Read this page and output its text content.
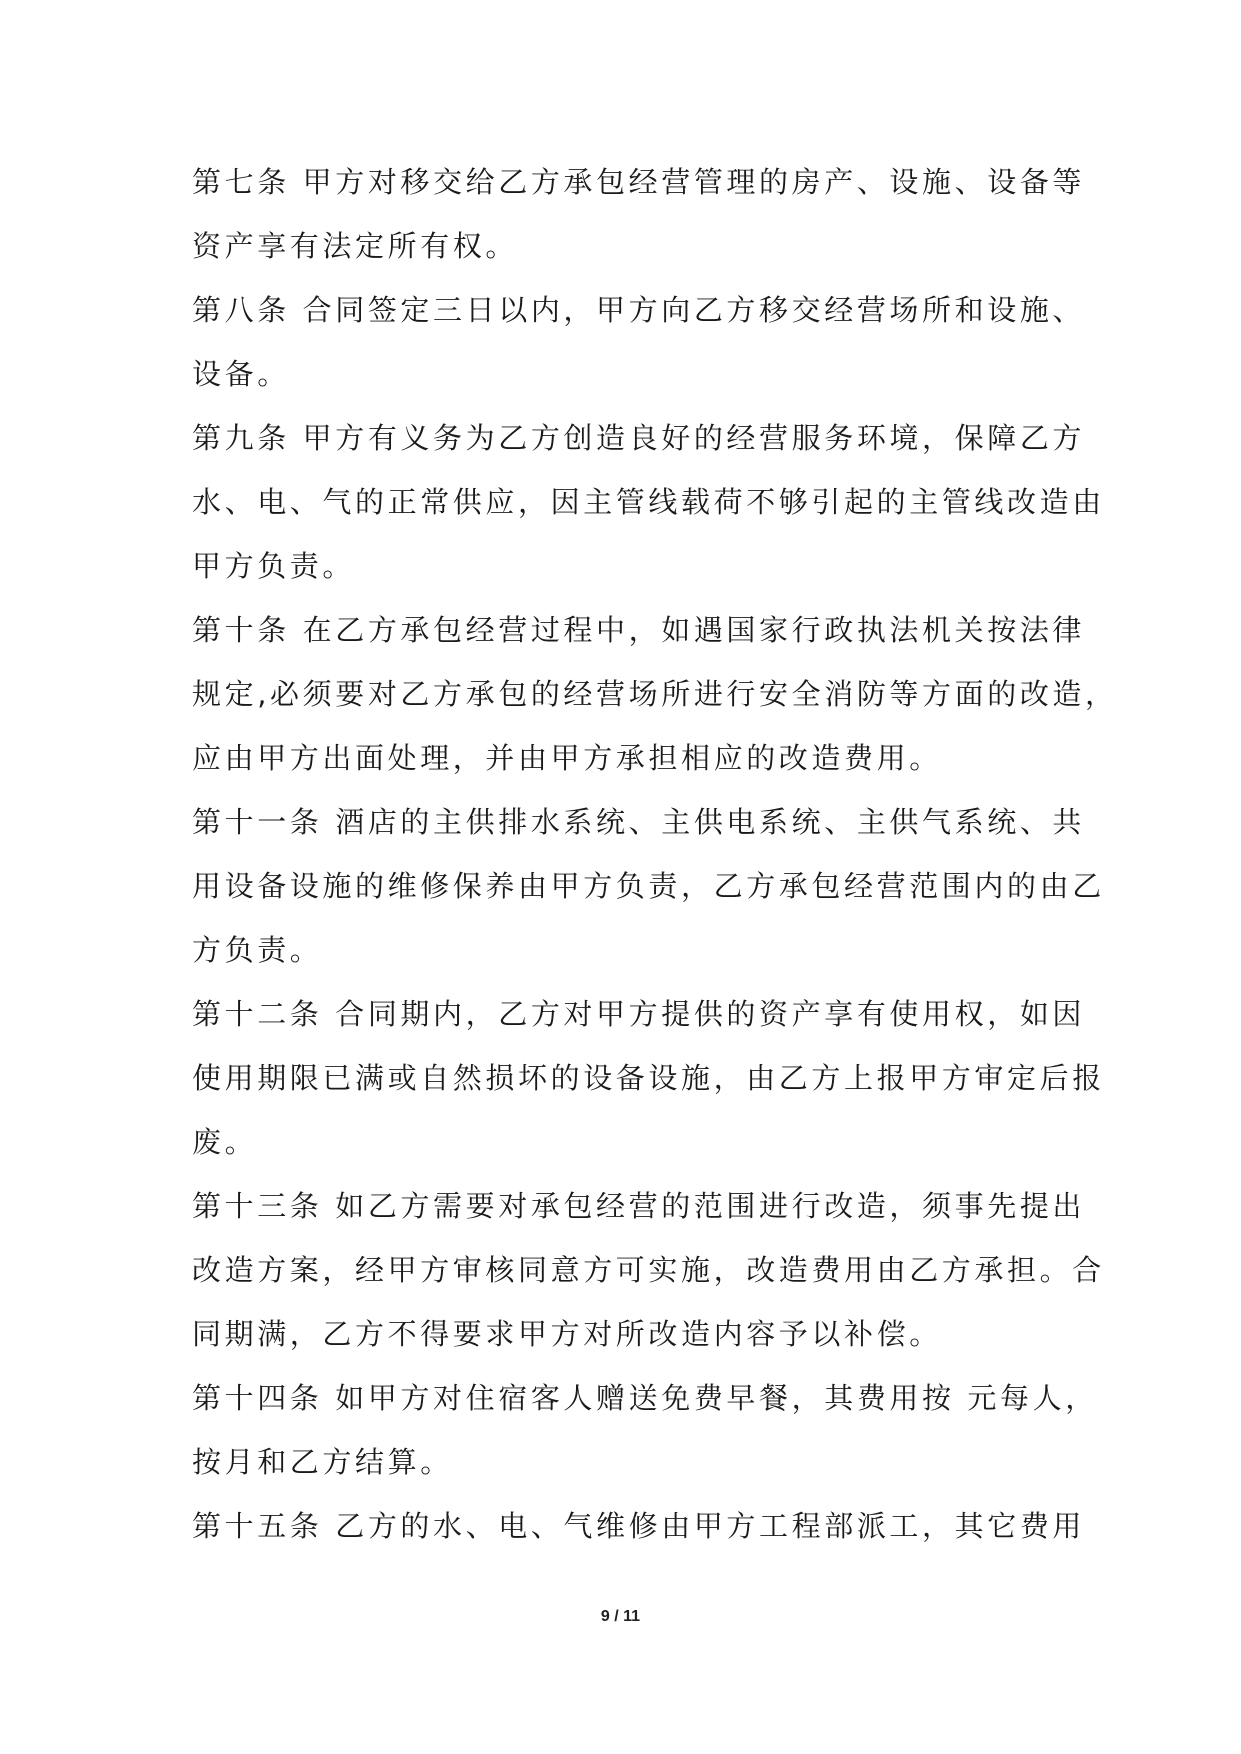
第七条 甲方对移交给乙方承包经营管理的房产、设施、设备等
资产享有法定所有权。
第八条 合同签定三日以内，甲方向乙方移交经营场所和设施、
设备。
第九条 甲方有义务为乙方创造良好的经营服务环境，保障乙方
水、电、气的正常供应，因主管线载荷不够引起的主管线改造由
甲方负责。
第十条 在乙方承包经营过程中，如遇国家行政执法机关按法律
规定,必须要对乙方承包的经营场所进行安全消防等方面的改造，
应由甲方出面处理，并由甲方承担相应的改造费用。
第十一条 酒店的主供排水系统、主供电系统、主供气系统、共
用设备设施的维修保养由甲方负责，乙方承包经营范围内的由乙
方负责。
第十二条 合同期内，乙方对甲方提供的资产享有使用权，如因
使用期限已满或自然损坏的设备设施，由乙方上报甲方审定后报
废。
第十三条 如乙方需要对承包经营的范围进行改造，须事先提出
改造方案，经甲方审核同意方可实施，改造费用由乙方承担。合
同期满，乙方不得要求甲方对所改造内容予以补偿。
第十四条 如甲方对住宿客人赠送免费早餐，其费用按 元每人，
按月和乙方结算。
第十五条 乙方的水、电、气维修由甲方工程部派工，其它费用
9 / 11
